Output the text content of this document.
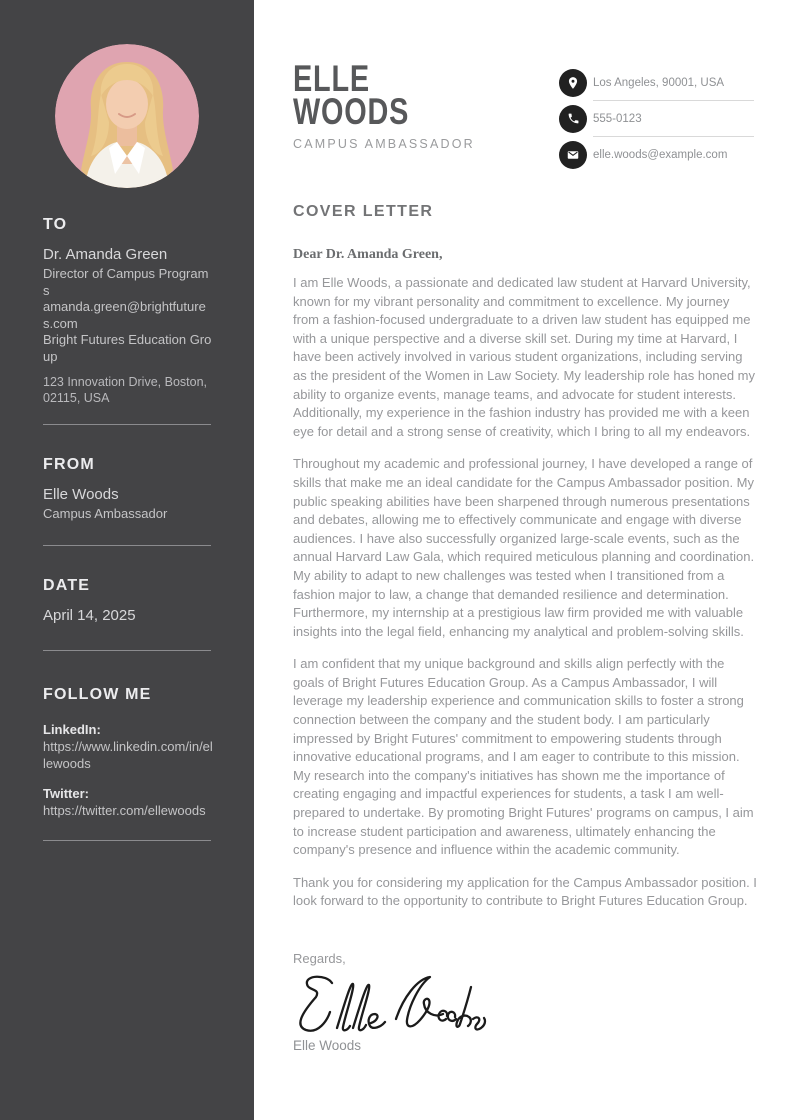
TO
Dr. Amanda Green
Director of Campus Programs
amanda.green@brightfutures.com
Bright Futures Education Group
123 Innovation Drive, Boston, 02115, USA
FROM
Elle Woods
Campus Ambassador
DATE
April 14, 2025
FOLLOW ME
LinkedIn:
https://www.linkedin.com/in/ellewoods
Twitter:
https://twitter.com/ellewoods
ELLE
WOODS
CAMPUS AMBASSADOR
Los Angeles, 90001, USA
555-0123
elle.woods@example.com
COVER LETTER
Dear Dr. Amanda Green,

I am Elle Woods, a passionate and dedicated law student at Harvard University, known for my vibrant personality and commitment to excellence. My journey from a fashion-focused undergraduate to a driven law student has equipped me with a unique perspective and a diverse skill set. During my time at Harvard, I have been actively involved in various student organizations, including serving as the president of the Women in Law Society. My leadership role has honed my ability to organize events, manage teams, and advocate for student interests. Additionally, my experience in the fashion industry has provided me with a keen eye for detail and a strong sense of creativity, which I bring to all my endeavors.

Throughout my academic and professional journey, I have developed a range of skills that make me an ideal candidate for the Campus Ambassador position. My public speaking abilities have been sharpened through numerous presentations and debates, allowing me to effectively communicate and engage with diverse audiences. I have also successfully organized large-scale events, such as the annual Harvard Law Gala, which required meticulous planning and coordination. My ability to adapt to new challenges was tested when I transitioned from a fashion major to law, a change that demanded resilience and determination. Furthermore, my internship at a prestigious law firm provided me with valuable insights into the legal field, enhancing my analytical and problem-solving skills.

I am confident that my unique background and skills align perfectly with the goals of Bright Futures Education Group. As a Campus Ambassador, I will leverage my leadership experience and communication skills to foster a strong connection between the company and the student body. I am particularly impressed by Bright Futures' commitment to empowering students through innovative educational programs, and I am eager to contribute to this mission. My research into the company's initiatives has shown me the importance of creating engaging and impactful experiences for students, a task I am well-prepared to undertake. By promoting Bright Futures' programs on campus, I aim to increase student participation and awareness, ultimately enhancing the company's presence and influence within the academic community.

Thank you for considering my application for the Campus Ambassador position. I look forward to the opportunity to contribute to Bright Futures Education Group.

Regards,
Elle Woods
